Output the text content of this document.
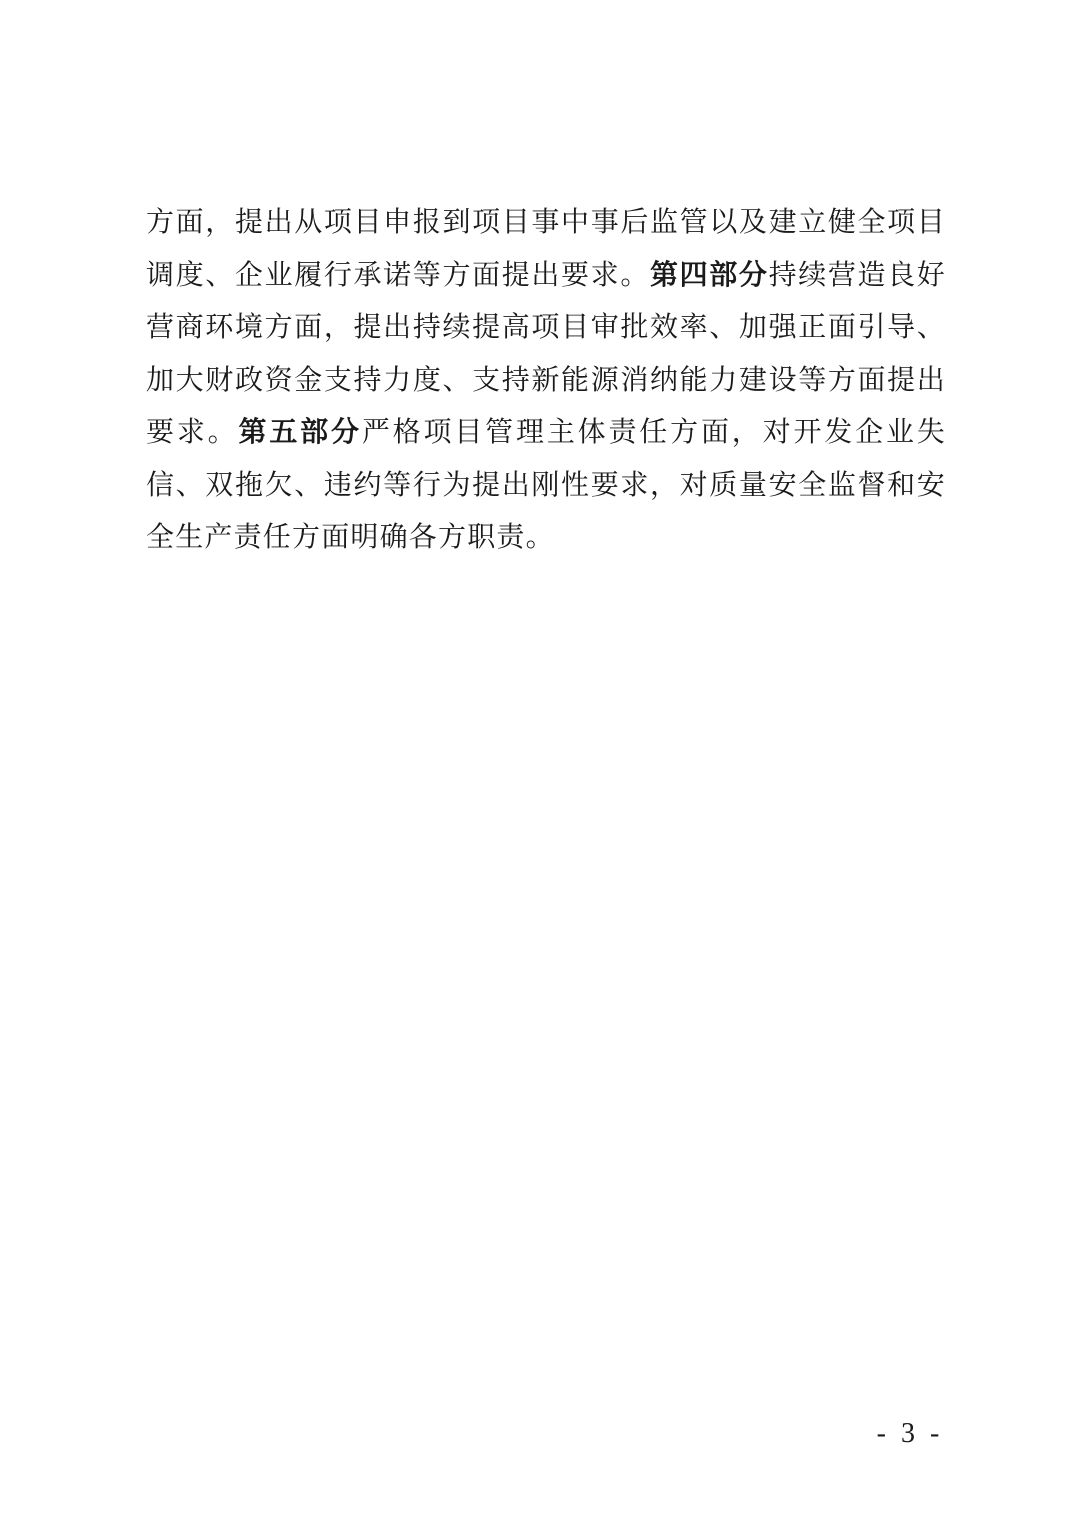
方面，提出从项目申报到项目事中事后监管以及建立健全项目调度、企业履行承诺等方面提出要求。第四部分持续营造良好营商环境方面，提出持续提高项目审批效率、加强正面引导、加大财政资金支持力度、支持新能源消纳能力建设等方面提出要求。第五部分严格项目管理主体责任方面，对开发企业失信、双拖欠、违约等行为提出刚性要求，对质量安全监督和安全生产责任方面明确各方职责。

- 3 -
